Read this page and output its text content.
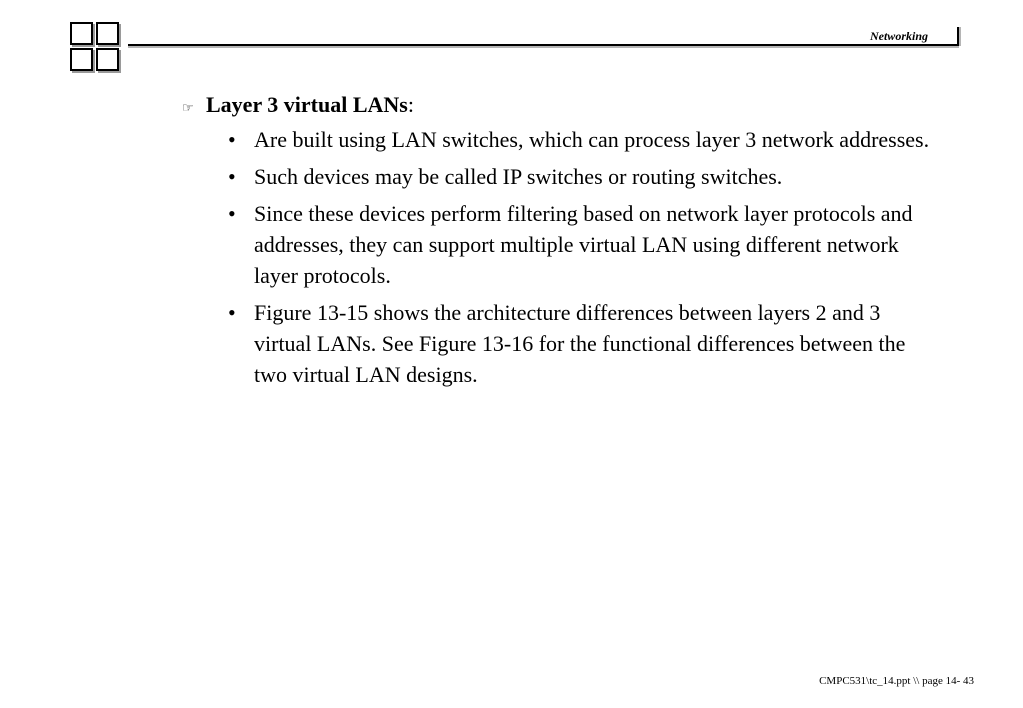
Networking
☞ Layer 3 virtual LANs :
• Are built using LAN switches, which can process layer 3 network addresses.
• Such devices may be called IP switches or routing switches.
• Since these devices perform filtering based on network layer protocols and addresses, they can support multiple virtual LAN using different network layer protocols.
• Figure 13-15 shows the architecture differences between layers 2 and 3 virtual LANs. See Figure 13-16 for the functional differences between the two virtual LAN designs.
CMPC531\tc_14.ppt \\ page 14- 43
